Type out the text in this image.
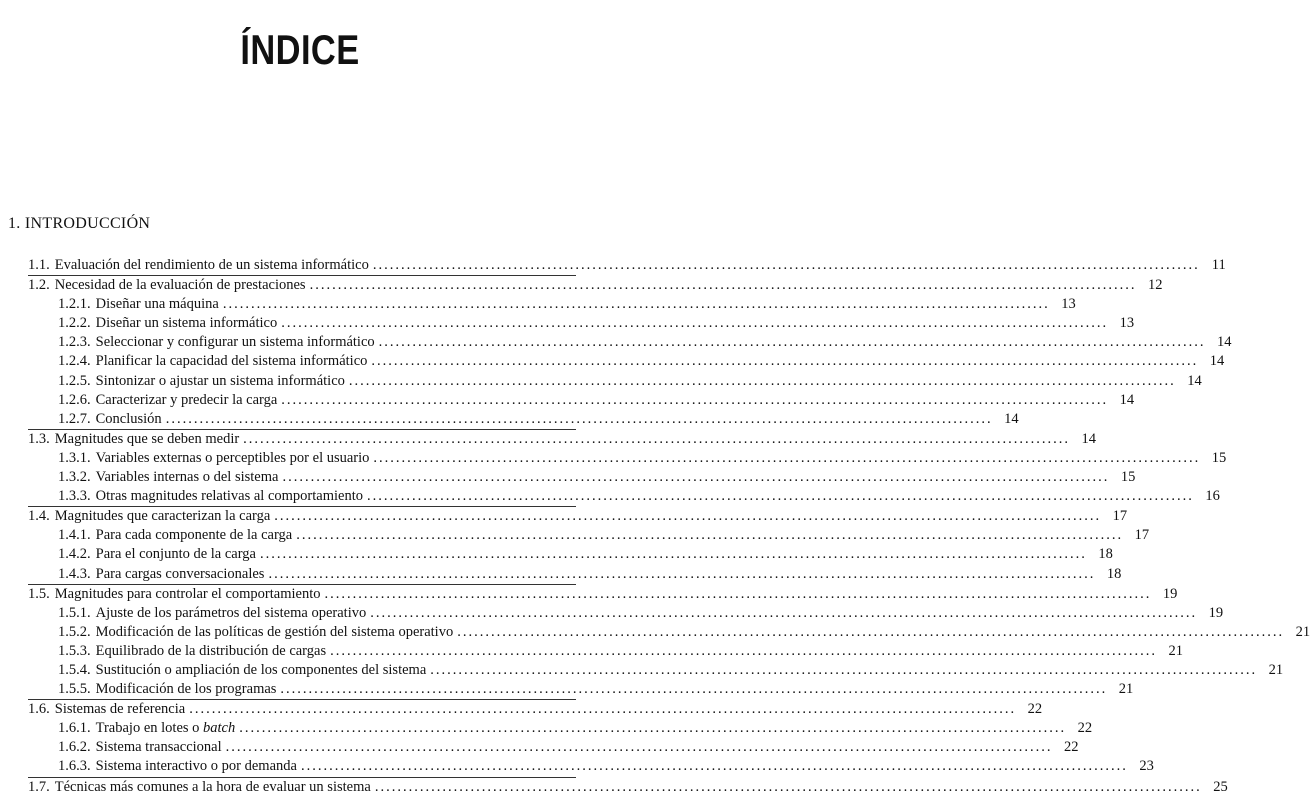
ÍNDICE
1. INTRODUCCIÓN
1.1. Evaluación del rendimiento de un sistema informático .....	11
1.2. Necesidad de la evaluación de prestaciones .....	12
1.2.1. Diseñar una máquina .....	13
1.2.2. Diseñar un sistema informático .....	13
1.2.3. Seleccionar y configurar un sistema informático .....	14
1.2.4. Planificar la capacidad del sistema informático .....	14
1.2.5. Sintonizar o ajustar un sistema informático .....	14
1.2.6. Caracterizar y predecir la carga .....	14
1.2.7. Conclusión .....	14
1.3. Magnitudes que se deben medir .....	14
1.3.1. Variables externas o perceptibles por el usuario .....	15
1.3.2. Variables internas o del sistema .....	15
1.3.3. Otras magnitudes relativas al comportamiento .....	16
1.4. Magnitudes que caracterizan la carga .....	17
1.4.1. Para cada componente de la carga .....	17
1.4.2. Para el conjunto de la carga .....	18
1.4.3. Para cargas conversacionales .....	18
1.5. Magnitudes para controlar el comportamiento .....	19
1.5.1. Ajuste de los parámetros del sistema operativo .....	19
1.5.2. Modificación de las políticas de gestión del sistema operativo .....	21
1.5.3. Equilibrado de la distribución de cargas .....	21
1.5.4. Sustitución o ampliación de los componentes del sistema .....	21
1.5.5. Modificación de los programas .....	21
1.6. Sistemas de referencia .....	22
1.6.1. Trabajo en lotes o batch .....	22
1.6.2. Sistema transaccional .....	22
1.6.3. Sistema interactivo o por demanda .....	23
1.7. Técnicas más comunes a la hora de evaluar un sistema .....	25
